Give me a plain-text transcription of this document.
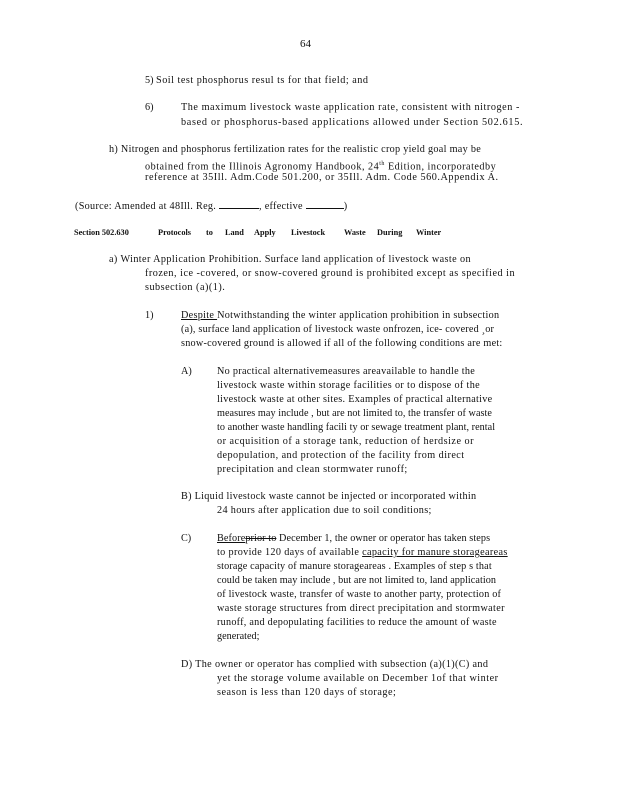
64
5) Soil test phosphorus resul ts for that field; and
6)	The maximum livestock waste application rate, consistent with nitrogen -
based or phosphorus-based applications allowed under Section 502.615.
h) Nitrogen and phosphorus fertilization rates for the realistic crop yield goal may be
obtained from the Illinois Agronomy Handbook, 24th Edition, incorporatedby
reference at 35Ill. Adm.Code 501.200, or 35Ill. Adm. Code 560.Appendix A.
(Source: Amended at 48Ill. Reg.	, effective	)
Section 502.630	Protocols to Land Apply Livestock Waste During Winter
a) Winter Application Prohibition. Surface land application of livestock waste on
frozen, ice -covered, or snow-covered ground is prohibited except as specified in
subsection (a)(1).
1)	Despite Notwithstanding the winter application prohibition in subsection
(a), surface land application of livestock waste onfrozen, ice- covered ¸or
snow-covered ground is allowed if all of the following conditions are met:
A) No practical alternativemeasures areavailable to handle the
livestock waste within storage facilities or to dispose of the
livestock waste at other sites. Examples of practical alternative
measures may include , but are not limited to, the transfer of waste
to another waste handling facili ty or sewage treatment plant, rental
or acquisition of a storage tank, reduction of herdsize or
depopulation, and protection of the facility from direct
precipitation and clean stormwater runoff;
B) Liquid livestock waste cannot be injected or incorporated within
24 hours after application due to soil conditions;
C)	Beforeprior to December 1, the owner or operator has taken steps
to provide 120 days of available capacity for manure storageareas
storage capacity of manure storageareas . Examples of step s that
could be taken may include , but are not limited to, land application
of livestock waste, transfer of waste to another party, protection of
waste storage structures from direct precipitation and stormwater
runoff, and depopulating facilities to reduce the amount of waste
generated;
D) The owner or operator has complied with subsection (a)(1)(C) and
yet the storage volume available on December 1of that winter
season is less than 120 days of storage;
